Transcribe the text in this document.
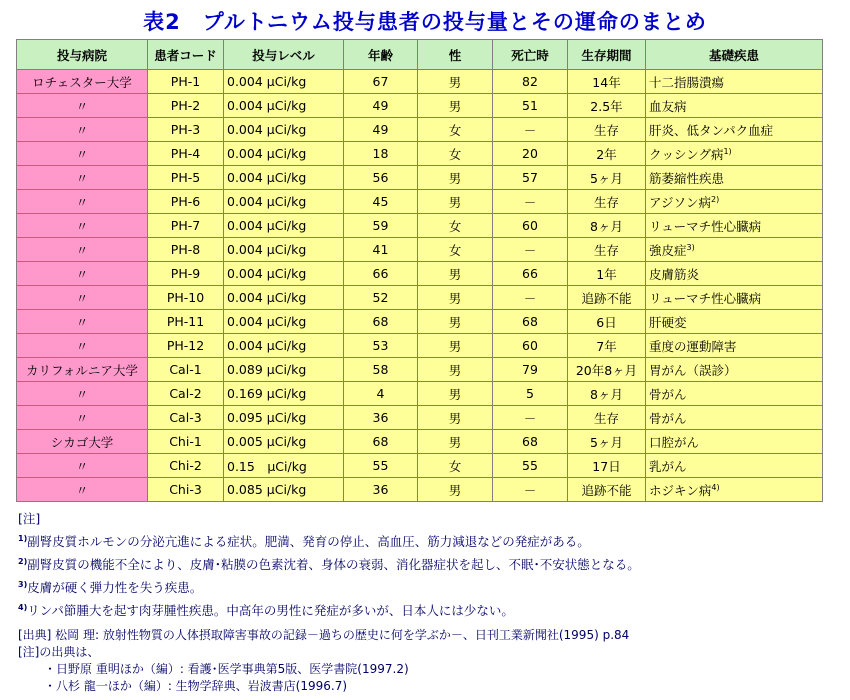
表2　プルトニウム投与患者の投与量とその運命のまとめ
投与病院	患者コード	投与レベル	年齢	性	死亡時	生存期間	基礎疾患
ロチェスター大学	PH-1	0.004 μCi/kg	67	男	82	14年	十二指腸潰瘍
〃	PH-2	0.004 μCi/kg	49	男	51	2.5年	血友病
〃	PH-3	0.004 μCi/kg	49	女	－	生存	肝炎、低タンパク血症
〃	PH-4	0.004 μCi/kg	18	女	20	2年	クッシング病$^{1)}$
〃	PH-5	0.004 μCi/kg	56	男	57	5ヶ月	筋萎縮性疾患
〃	PH-6	0.004 μCi/kg	45	男	－	生存	アジソン病$^{2)}$
〃	PH-7	0.004 μCi/kg	59	女	60	8ヶ月	リューマチ性心臓病
〃	PH-8	0.004 μCi/kg	41	女	－	生存	強皮症$^{3)}$
〃	PH-9	0.004 μCi/kg	66	男	66	1年	皮膚筋炎
〃	PH-10	0.004 μCi/kg	52	男	－	追跡不能	リューマチ性心臓病
〃	PH-11	0.004 μCi/kg	68	男	68	6日	肝硬変
〃	PH-12	0.004 μCi/kg	53	男	60	7年	重度の運動障害
カリフォルニア大学	Cal-1	0.089 μCi/kg	58	男	79	20年8ヶ月	胃がん（誤診）
〃	Cal-2	0.169 μCi/kg	4	男	5	8ヶ月	骨がん
〃	Cal-3	0.095 μCi/kg	36	男	－	生存	骨がん
シカゴ大学	Chi-1	0.005 μCi/kg	68	男	68	5ヶ月	口腔がん
〃	Chi-2	0.15　μCi/kg	55	女	55	17日	乳がん
〃	Chi-3	0.085 μCi/kg	36	男	－	追跡不能	ホジキン病$^{4)}$
[注]
$^{1)}$副腎皮質ホルモンの分泌亢進による症状。肥満、発育の停止、高血圧、筋力減退などの発症がある。
$^{2)}$副腎皮質の機能不全により、皮膚･粘膜の色素沈着、身体の衰弱、消化器症状を起し、不眠･不安状態となる。
$^{3)}$皮膚が硬く弾力性を失う疾患。
$^{4)}$リンパ節腫大を起す肉芽腫性疾患。中高年の男性に発症が多いが、日本人には少ない。
[出典] 松岡 理: 放射性物質の人体摂取障害事故の記録－過ちの歴史に何を学ぶか－、日刊工業新聞社(1995) p.84
[注]の出典は、
・日野原 重明ほか（編）: 看護･医学事典第5版、医学書院(1997.2)
・八杉 龍一ほか（編）: 生物学辞典、岩波書店(1996.7)
